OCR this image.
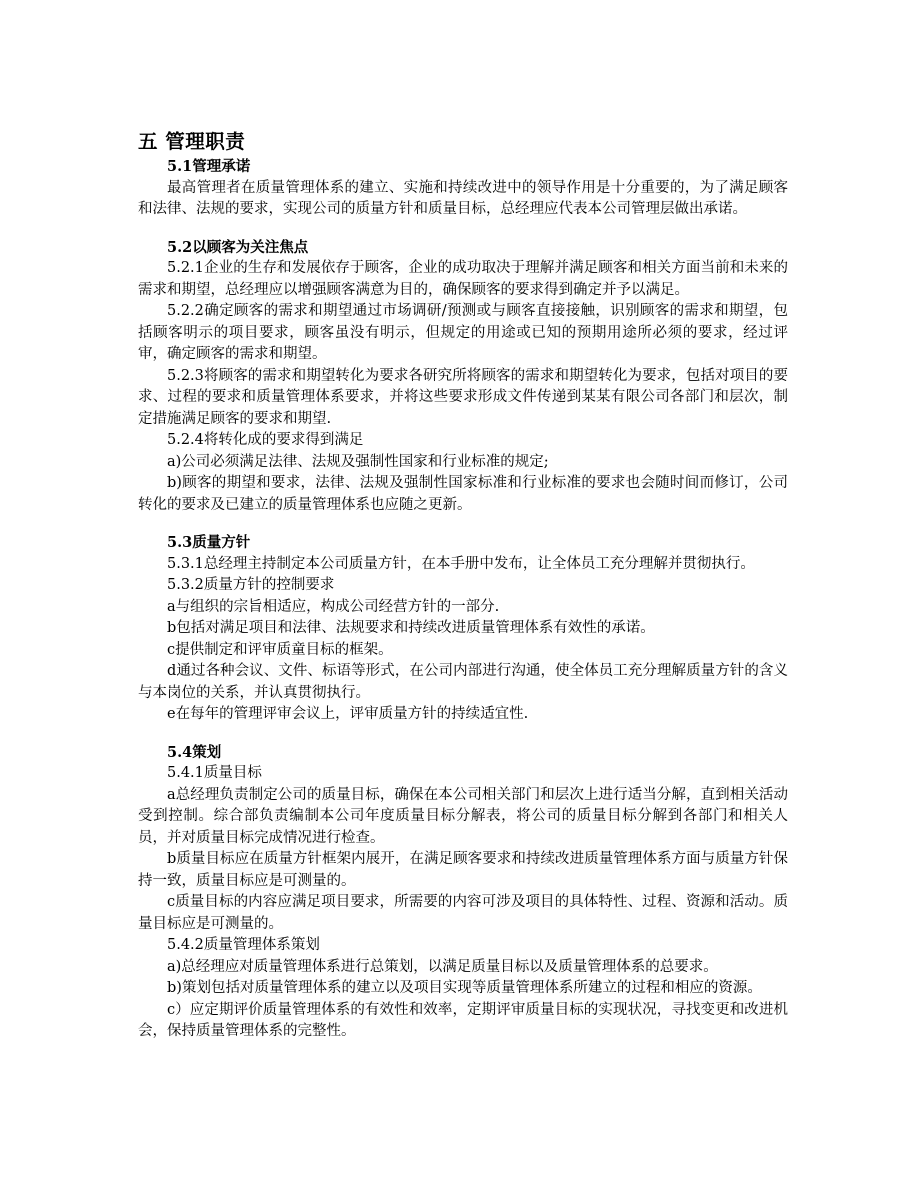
五 管理职责
5.1管理承诺

最高管理者在质量管理体系的建立、实施和持续改进中的领导作用是十分重要的，为了满足顾客和法律、法规的要求，实现公司的质量方针和质量目标，总经理应代表本公司管理层做出承诺。

5.2以顾客为关注焦点

5.2.1企业的生存和发展依存于顾客，企业的成功取决于理解并满足顾客和相关方面当前和未来的需求和期望，总经理应以增强顾客满意为目的，确保顾客的要求得到确定并予以满足。

5.2.2确定顾客的需求和期望通过市场调研/预测或与顾客直接接触，识别顾客的需求和期望，包括顾客明示的项目要求，顾客虽没有明示，但规定的用途或已知的预期用途所必须的要求，经过评审，确定顾客的需求和期望。

5.2.3将顾客的需求和期望转化为要求各研究所将顾客的需求和期望转化为要求，包括对项目的要求、过程的要求和质量管理体系要求，并将这些要求形成文件传递到某某有限公司各部门和层次，制定措施满足顾客的要求和期望.

5.2.4将转化成的要求得到满足

a)公司必须满足法律、法规及强制性国家和行业标准的规定;

b)顾客的期望和要求，法律、法规及强制性国家标准和行业标准的要求也会随时间而修订，公司转化的要求及已建立的质量管理体系也应随之更新。

5.3质量方针

5.3.1总经理主持制定本公司质量方针，在本手册中发布，让全体员工充分理解并贯彻执行。

5.3.2质量方针的控制要求

a与组织的宗旨相适应，构成公司经营方针的一部分.

b包括对满足项目和法律、法规要求和持续改进质量管理体系有效性的承诺。

c提供制定和评审质童目标的框架。

d通过各种会议、文件、标语等形式，在公司内部进行沟通，使全体员工充分理解质量方针的含义与本岗位的关系，并认真贯彻执行。

e在每年的管理评审会议上，评审质量方针的持续适宜性.

5.4策划

5.4.1质量目标

a总经理负责制定公司的质量目标，确保在本公司相关部门和层次上进行适当分解，直到相关活动受到控制。综合部负责编制本公司年度质量目标分解表，将公司的质量目标分解到各部门和相关人员，并对质量目标完成情况进行检查。

b质量目标应在质量方针框架内展开，在满足顾客要求和持续改进质量管理体系方面与质量方针保持一致，质量目标应是可测量的。

c质量目标的内容应满足项目要求，所需要的内容可涉及项目的具体特性、过程、资源和活动。质量目标应是可测量的。

5.4.2质量管理体系策划

a)总经理应对质量管理体系进行总策划，以满足质量目标以及质量管理体系的总要求。

b)策划包括对质量管理体系的建立以及项目实现等质量管理体系所建立的过程和相应的资源。

c）应定期评价质量管理体系的有效性和效率，定期评审质量目标的实现状况，寻找变更和改进机会，保持质量管理体系的完整性。
